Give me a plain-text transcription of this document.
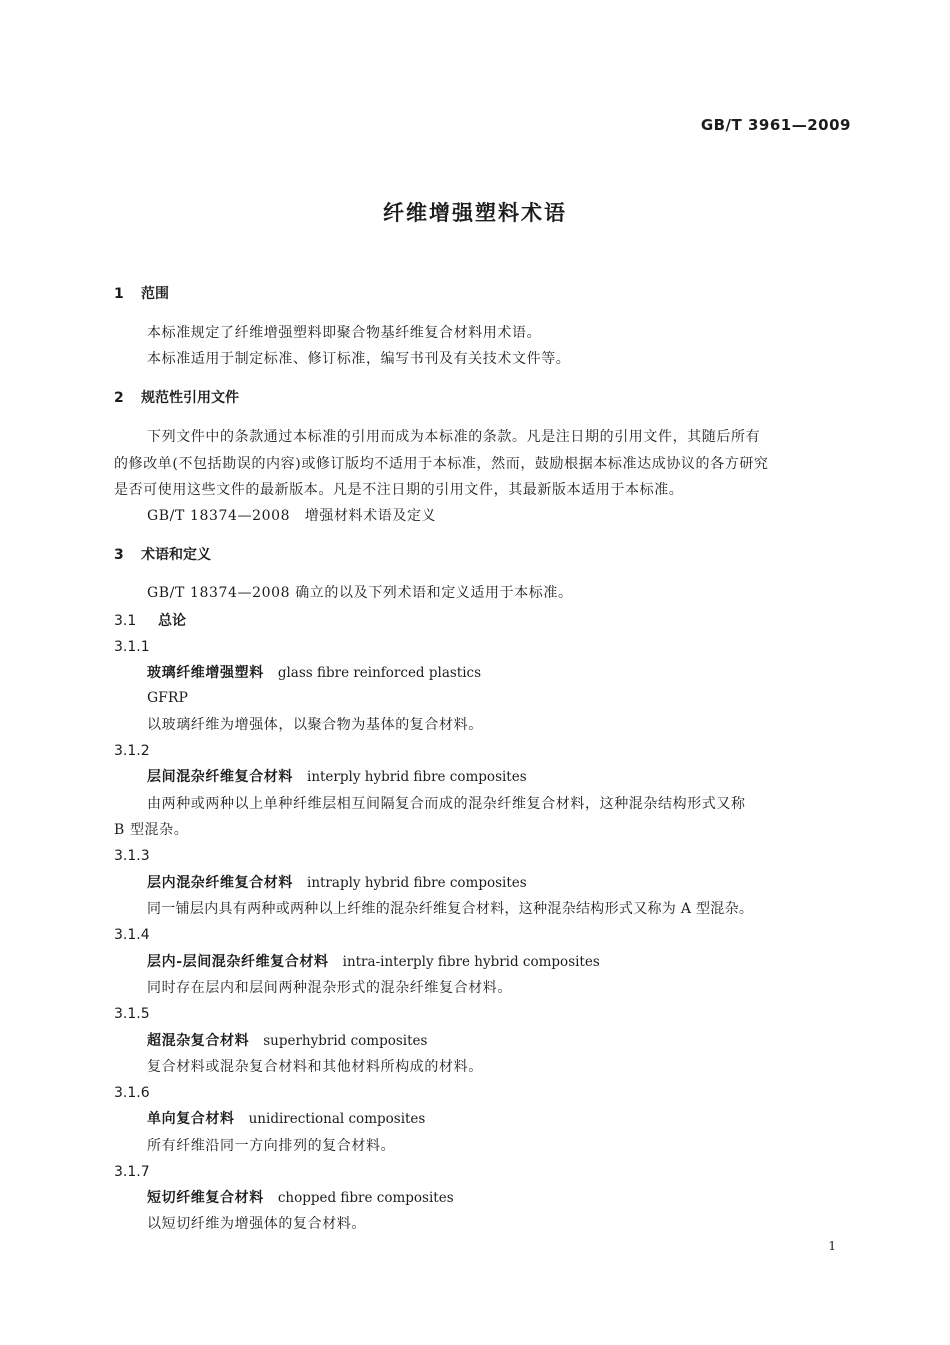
GB/T 3961—2009
纤维增强塑料术语
1 范围
本标准规定了纤维增强塑料即聚合物基纤维复合材料用术语。
本标准适用于制定标准、修订标准，编写书刊及有关技术文件等。
2 规范性引用文件
下列文件中的条款通过本标准的引用而成为本标准的条款。凡是注日期的引用文件，其随后所有
的修改单(不包括勘误的内容)或修订版均不适用于本标准，然而，鼓励根据本标准达成协议的各方研究
是否可使用这些文件的最新版本。凡是不注日期的引用文件，其最新版本适用于本标准。
GB/T 18374—2008　增强材料术语及定义
3 术语和定义
GB/T 18374—2008 确立的以及下列术语和定义适用于本标准。
3.1 总论
3.1.1
玻璃纤维增强塑料 glass fibre reinforced plastics
GFRP
以玻璃纤维为增强体，以聚合物为基体的复合材料。
3.1.2
层间混杂纤维复合材料 interply hybrid fibre composites
由两种或两种以上单种纤维层相互间隔复合而成的混杂纤维复合材料，这种混杂结构形式又称
B 型混杂。
3.1.3
层内混杂纤维复合材料 intraply hybrid fibre composites
同一铺层内具有两种或两种以上纤维的混杂纤维复合材料，这种混杂结构形式又称为 A 型混杂。
3.1.4
层内-层间混杂纤维复合材料 intra-interply fibre hybrid composites
同时存在层内和层间两种混杂形式的混杂纤维复合材料。
3.1.5
超混杂复合材料 superhybrid composites
复合材料或混杂复合材料和其他材料所构成的材料。
3.1.6
单向复合材料 unidirectional composites
所有纤维沿同一方向排列的复合材料。
3.1.7
短切纤维复合材料 chopped fibre composites
以短切纤维为增强体的复合材料。
1
